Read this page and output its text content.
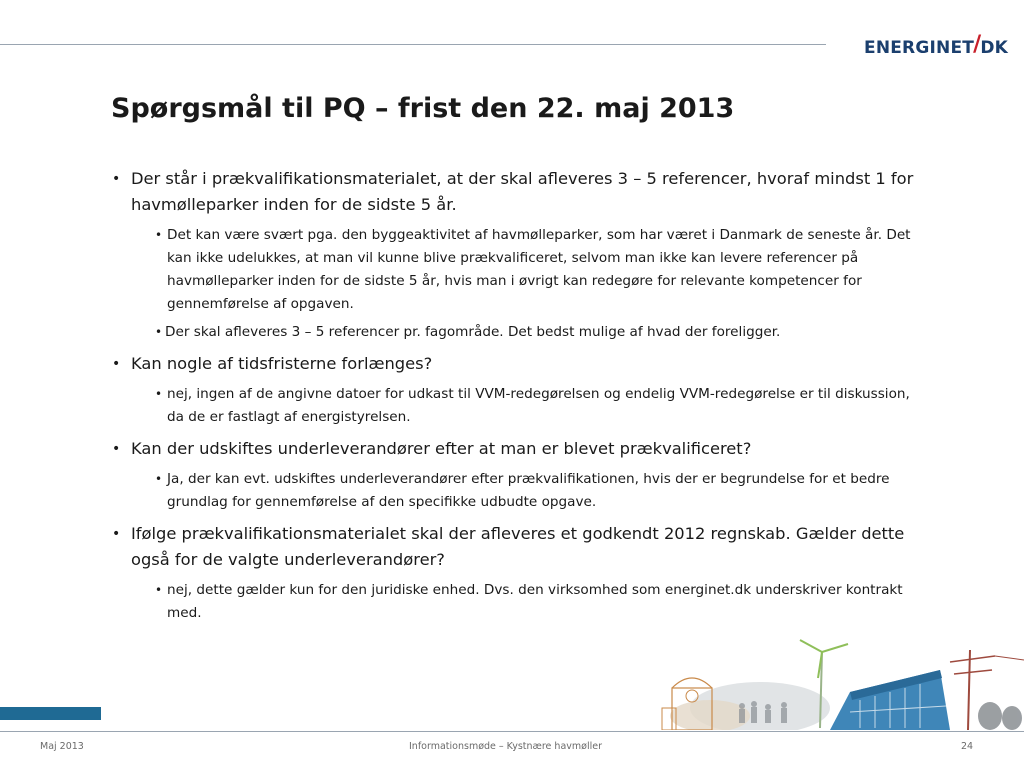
ENERGINET/DK
Spørgsmål til PQ – frist den 22. maj 2013
• Der står i prækvalifikationsmaterialet, at der skal afleveres 3 – 5 referencer, hvoraf mindst 1 for havmølleparker inden for de sidste 5 år.
• Det kan være svært pga. den byggeaktivitet af havmølleparker, som har været i Danmark de seneste år. Det kan ikke udelukkes, at man vil kunne blive prækvalificeret, selvom man ikke kan levere referencer på havmølleparker inden for de sidste 5 år, hvis man i øvrigt kan redegøre for relevante kompetencer for gennemførelse af opgaven.
• Der skal afleveres 3 – 5 referencer pr. fagområde. Det bedst mulige af hvad der foreligger.
• Kan nogle af tidsfristerne forlænges?
• nej, ingen af de angivne datoer for udkast til VVM-redegørelsen og endelig VVM-redegørelse er til diskussion, da de er fastlagt af energistyrelsen.
• Kan der udskiftes underleverandører efter at man er blevet prækvalificeret?
• Ja, der kan evt. udskiftes underleverandører efter prækvalifikationen, hvis der er begrundelse for et bedre grundlag for gennemførelse af den specifikke udbudte opgave.
• Ifølge prækvalifikationsmaterialet skal der afleveres et godkendt 2012 regnskab. Gælder dette også for de valgte underleverandører?
• nej, dette gælder kun for den juridiske enhed. Dvs. den virksomhed som energinet.dk underskriver kontrakt med.
Maj 2013	Informationsmøde – Kystnære havmøller	24
